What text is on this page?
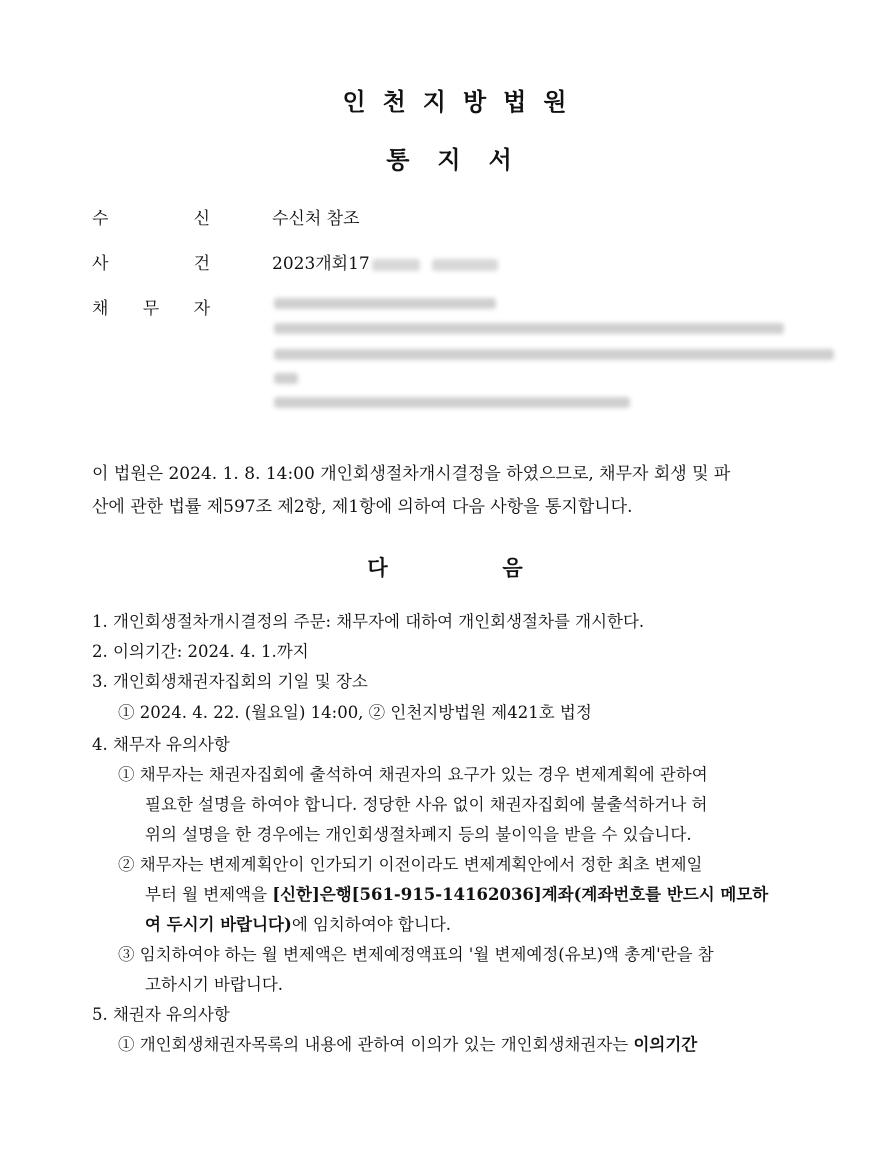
인천지방법원
통지서
수	신	수신처 참조
사	건	2023개회17
채 무 자
이 법원은 2024. 1. 8. 14:00 개인회생절차개시결정을 하였으므로, 채무자 회생 및 파
산에 관한 법률 제597조 제2항, 제1항에 의하여 다음 사항을 통지합니다.
다	음
1. 개인회생절차개시결정의 주문: 채무자에 대하여 개인회생절차를 개시한다.
2. 이의기간: 2024. 4. 1.까지
3. 개인회생채권자집회의 기일 및 장소
① 2024. 4. 22. (월요일) 14:00, ② 인천지방법원 제421호 법정
4. 채무자 유의사항
① 채무자는 채권자집회에 출석하여 채권자의 요구가 있는 경우 변제계획에 관하여
필요한 설명을 하여야 합니다. 정당한 사유 없이 채권자집회에 불출석하거나 허
위의 설명을 한 경우에는 개인회생절차폐지 등의 불이익을 받을 수 있습니다.
② 채무자는 변제계획안이 인가되기 이전이라도 변제계획안에서 정한 최초 변제일
부터 월 변제액을 [신한]은행[561-915-14162036]계좌(계좌번호를 반드시 메모하
여 두시기 바랍니다)에 임치하여야 합니다.
③ 임치하여야 하는 월 변제액은 변제예정액표의 '월 변제예정(유보)액 총계'란을 참
고하시기 바랍니다.
5. 채권자 유의사항
① 개인회생채권자목록의 내용에 관하여 이의가 있는 개인회생채권자는 이의기간
